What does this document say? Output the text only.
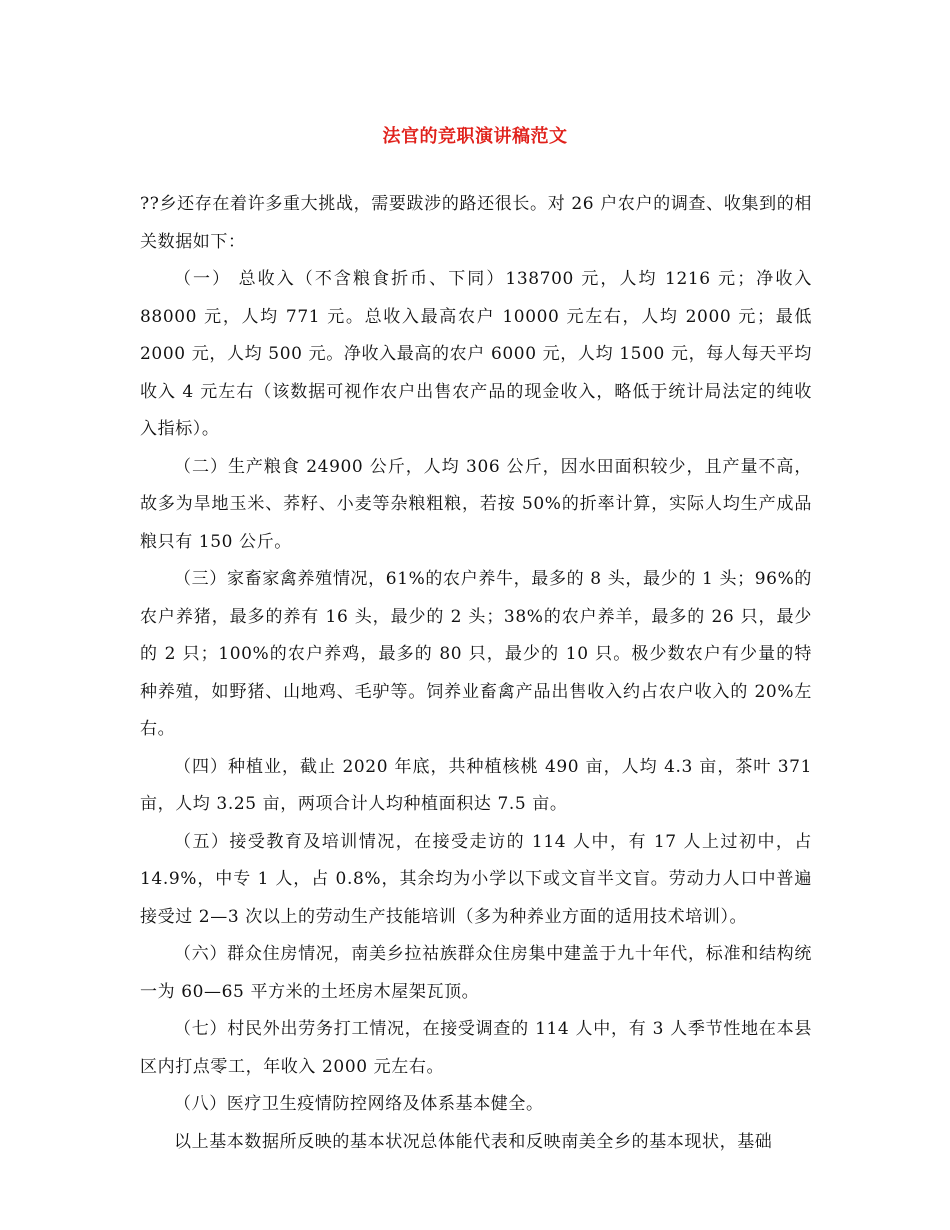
法官的竞职演讲稿范文

??乡还存在着许多重大挑战，需要跋涉的路还很长。对 26 户农户的调查、收集到的相关数据如下：

（一） 总收入（不含粮食折币、下同）138700 元，人均 1216 元；净收入 88000 元，人均 771 元。总收入最高农户 10000 元左右，人均 2000 元；最低 2000 元，人均 500 元。净收入最高的农户 6000 元，人均 1500 元，每人每天平均收入 4 元左右（该数据可视作农户出售农产品的现金收入，略低于统计局法定的纯收入指标）。

（二）生产粮食 24900 公斤，人均 306 公斤，因水田面积较少，且产量不高，故多为旱地玉米、荞籽、小麦等杂粮粗粮，若按 50%的折率计算，实际人均生产成品粮只有 150 公斤。

（三）家畜家禽养殖情况，61%的农户养牛，最多的 8 头，最少的 1 头；96%的农户养猪，最多的养有 16 头，最少的 2 头；38%的农户养羊，最多的 26 只，最少的 2 只；100%的农户养鸡，最多的 80 只，最少的 10 只。极少数农户有少量的特种养殖，如野猪、山地鸡、毛驴等。饲养业畜禽产品出售收入约占农户收入的 20%左右。

（四）种植业，截止 2020 年底，共种植核桃 490 亩，人均 4.3 亩，茶叶 371 亩，人均 3.25 亩，两项合计人均种植面积达 7.5 亩。

（五）接受教育及培训情况，在接受走访的 114 人中，有 17 人上过初中，占 14.9%，中专 1 人，占 0.8%，其余均为小学以下或文盲半文盲。劳动力人口中普遍接受过 2—3 次以上的劳动生产技能培训（多为种养业方面的适用技术培训）。

（六）群众住房情况，南美乡拉祜族群众住房集中建盖于九十年代，标准和结构统一为 60—65 平方米的土坯房木屋架瓦顶。

（七）村民外出劳务打工情况，在接受调查的 114 人中，有 3 人季节性地在本县区内打点零工，年收入 2000 元左右。

（八）医疗卫生疫情防控网络及体系基本健全。

以上基本数据所反映的基本状况总体能代表和反映南美全乡的基本现状，基础
